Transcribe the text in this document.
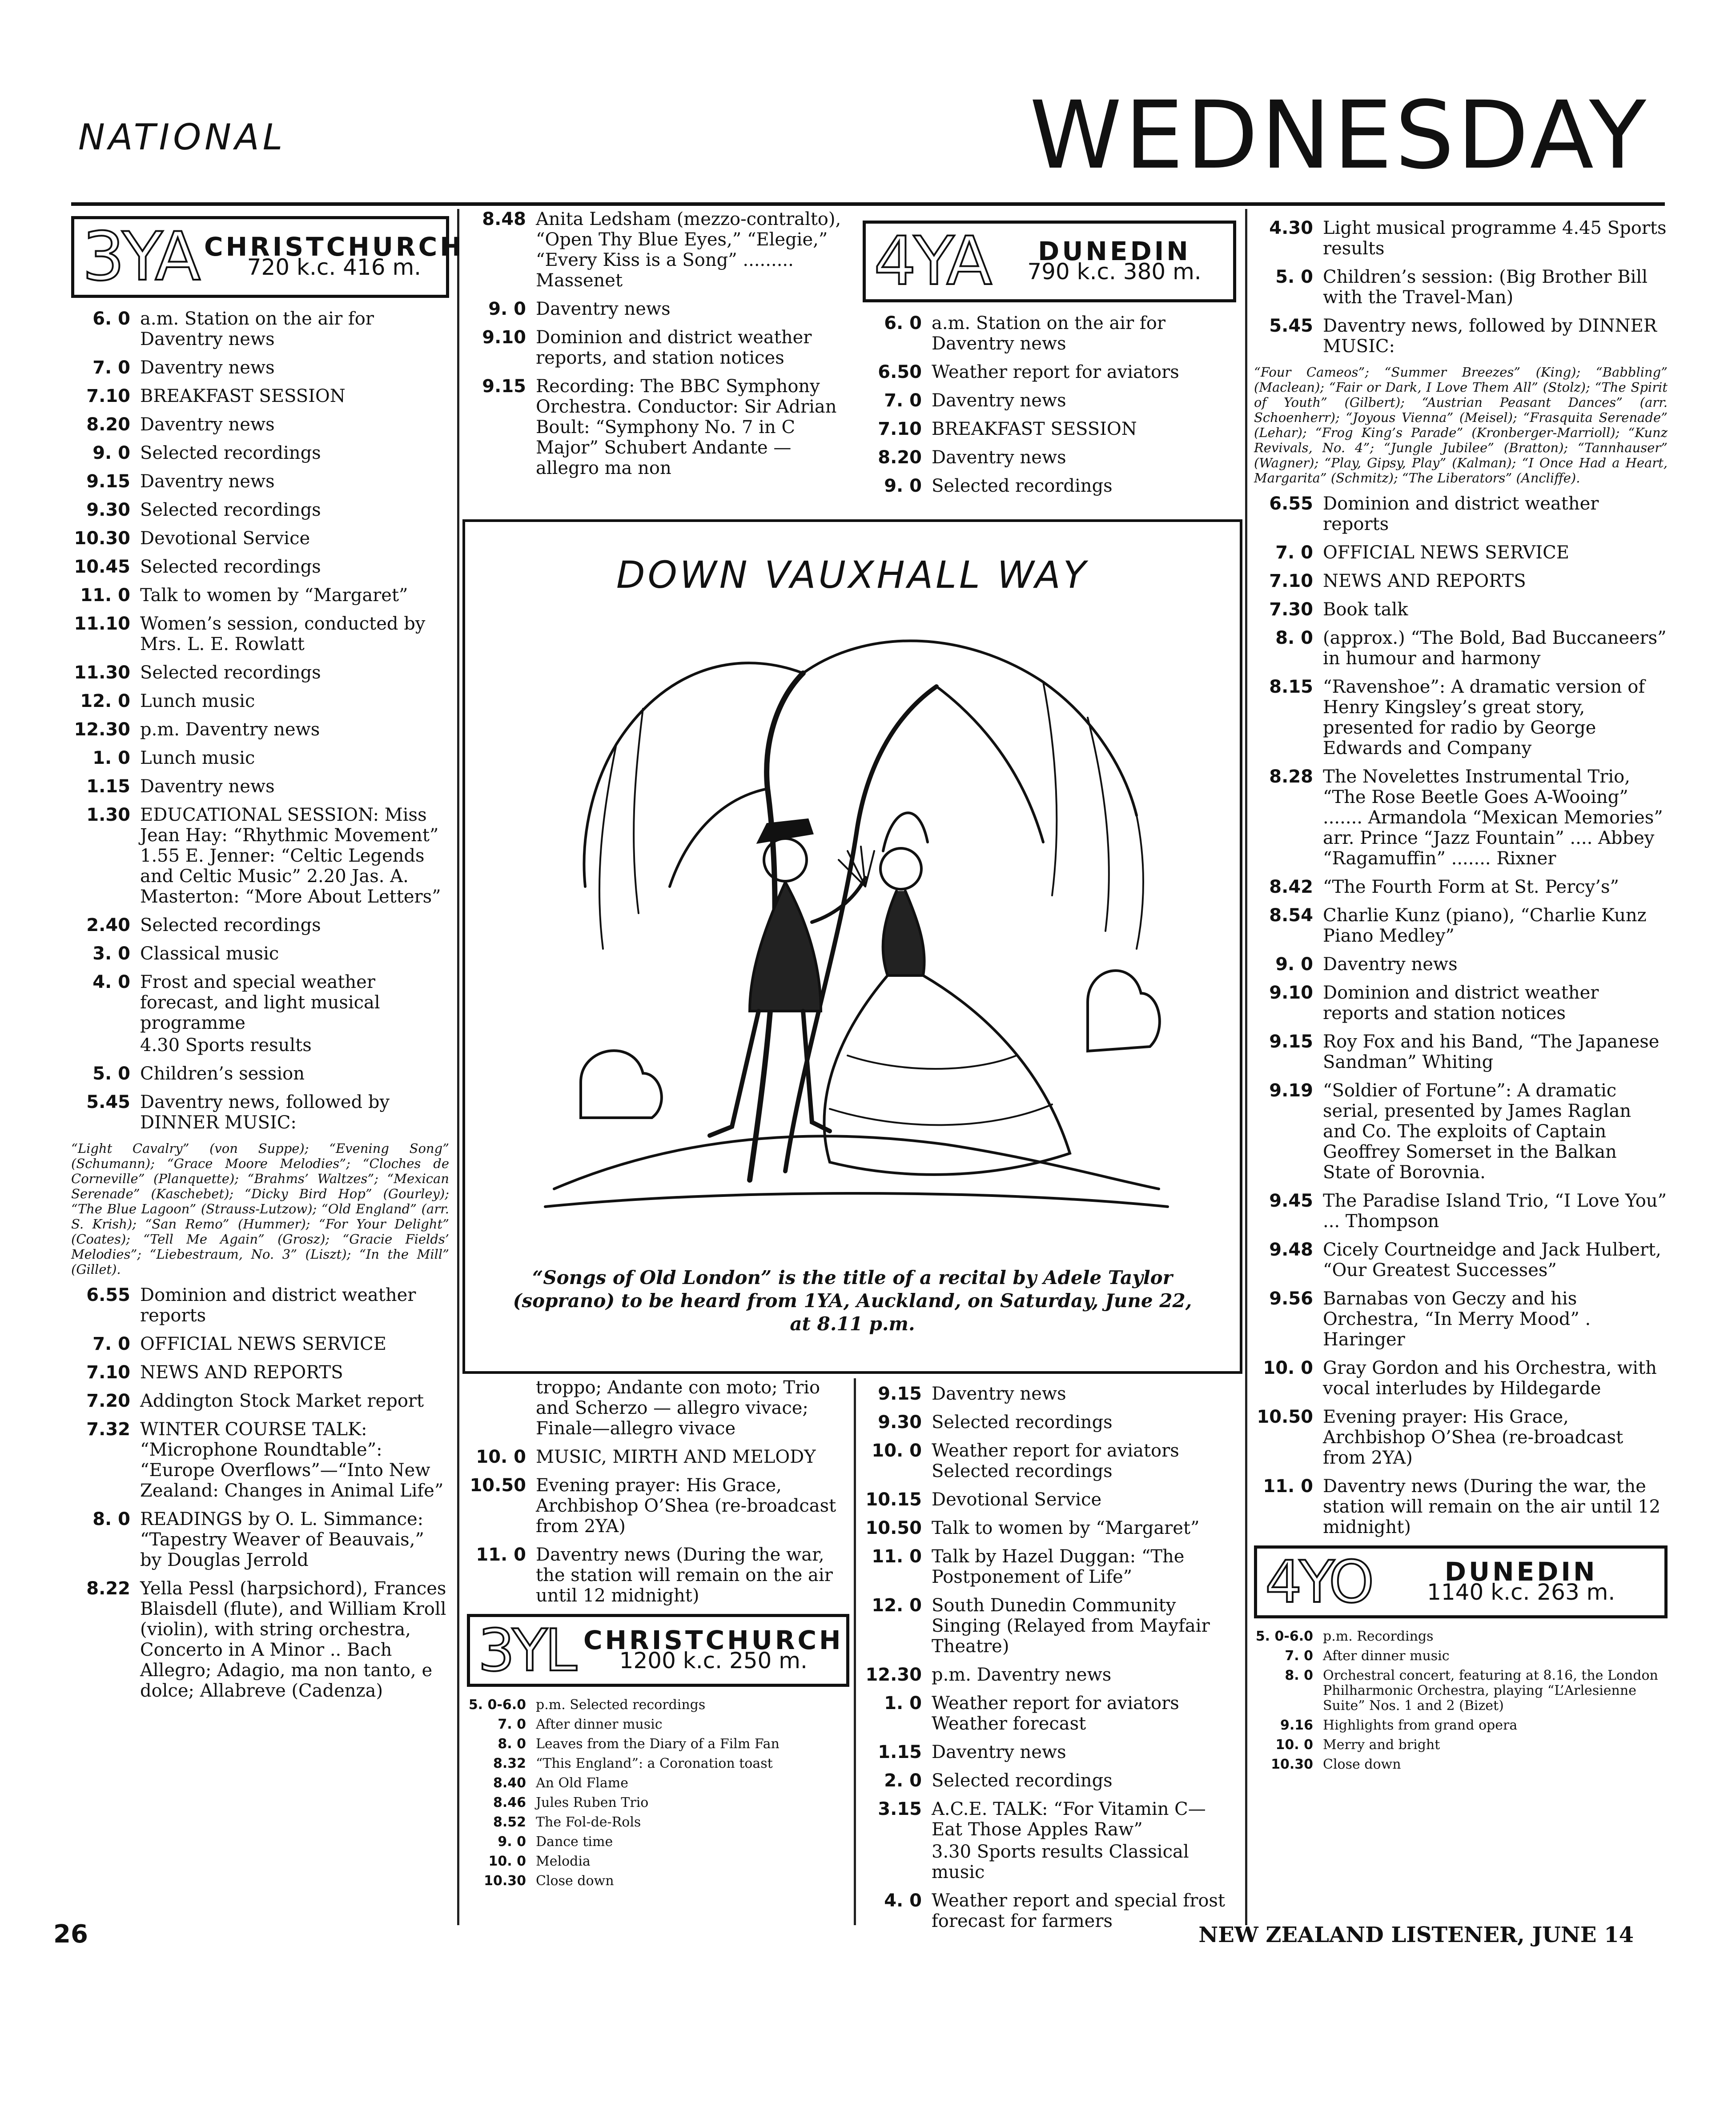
NATIONAL	WEDNESDAY
3YA CHRISTCHURCH
720 k.c. 416 m.
6. 0 a.m. Station on the air for Daventry news
7. 0 Daventry news
7.10 BREAKFAST SESSION
8.20 Daventry news
9. 0 Selected recordings
9.15 Daventry news
9.30 Selected recordings
10.30 Devotional Service
10.45 Selected recordings
11. 0 Talk to women by “Margaret”
11.10 Women’s session, conducted by Mrs. L. E. Rowlatt
11.30 Selected recordings
12. 0 Lunch music
12.30 p.m. Daventry news
1. 0 Lunch music
1.15 Daventry news
1.30 EDUCATIONAL SESSION: Miss Jean Hay: “Rhythmic Movement” 1.55 E. Jenner: “Celtic Legends and Celtic Music” 2.20 Jas. A. Masterton: “More About Letters”
2.40 Selected recordings
3. 0 Classical music
4. 0 Frost and special weather forecast, and light musical programme
4.30 Sports results
5. 0 Children’s session
5.45 Daventry news, followed by DINNER MUSIC:
“Light Cavalry” (von Suppe); “Evening Song” (Schumann); “Grace Moore Melodies”; “Cloches de Corneville” (Planquette); “Brahms’ Waltzes”; “Mexican Serenade” (Kaschebet); “Dicky Bird Hop” (Gourley); “The Blue Lagoon” (Strauss-Lutzow); “Old England” (arr. S. Krish); “San Remo” (Hummer); “For Your Delight” (Coates); “Tell Me Again” (Grosz); “Gracie Fields’ Melodies”; “Liebestraum, No. 3” (Liszt); “In the Mill” (Gillet).
6.55 Dominion and district weather reports
7. 0 OFFICIAL NEWS SERVICE
7.10 NEWS AND REPORTS
7.20 Addington Stock Market report
7.32 WINTER COURSE TALK: “Microphone Roundtable”: “Europe Overflows”—“Into New Zealand: Changes in Animal Life”
8. 0 READINGS by O. L. Simmance: “Tapestry Weaver of Beauvais,” by Douglas Jerrold
8.22 Yella Pessl (harpsichord), Frances Blaisdell (flute), and William Kroll (violin), with string orchestra, Concerto in A Minor .. Bach Allegro; Adagio, ma non tanto, e dolce; Allabreve (Cadenza)
8.48 Anita Ledsham (mezzo-contralto), “Open Thy Blue Eyes,” “Elegie,” “Every Kiss is a Song” ......... Massenet
9. 0 Daventry news
9.10 Dominion and district weather reports, and station notices
9.15 Recording: The BBC Symphony Orchestra. Conductor: Sir Adrian Boult: “Symphony No. 7 in C Major” Schubert Andante — allegro ma non
4YA	DUNEDIN
790 k.c. 380 m.
6. 0 a.m. Station on the air for Daventry news
6.50 Weather report for aviators
7. 0 Daventry news
7.10 BREAKFAST SESSION
8.20 Daventry news
9. 0 Selected recordings
DOWN VAUXHALL WAY
“Songs of Old London” is the title of a recital by Adele Taylor (soprano) to be heard from 1YA, Auckland, on Saturday, June 22, at 8.11 p.m.
troppo; Andante con moto; Trio and Scherzo — allegro vivace; Finale—allegro vivace
10. 0 MUSIC, MIRTH AND MELODY
10.50 Evening prayer: His Grace, Archbishop O’Shea (re-broadcast from 2YA)
11. 0 Daventry news (During the war, the station will remain on the air until 12 midnight)
3YL CHRISTCHURCH
1200 k.c. 250 m.
5. 0-6.0 p.m. Selected recordings
7. 0 After dinner music
8. 0 Leaves from the Diary of a Film Fan
8.32 “This England”: a Coronation toast
8.40 An Old Flame
8.46 Jules Ruben Trio
8.52 The Fol-de-Rols
9. 0 Dance time
10. 0 Melodia
10.30 Close down
9.15 Daventry news
9.30 Selected recordings
10. 0 Weather report for aviators Selected recordings
10.15 Devotional Service
10.50 Talk to women by “Margaret”
11. 0 Talk by Hazel Duggan: “The Postponement of Life”
12. 0 South Dunedin Community Singing (Relayed from Mayfair Theatre)
12.30 p.m. Daventry news
1. 0 Weather report for aviators Weather forecast
1.15 Daventry news
2. 0 Selected recordings
3.15 A.C.E. TALK: “For Vitamin C—Eat Those Apples Raw”
3.30 Sports results Classical music
4. 0 Weather report and special frost forecast for farmers
4.30 Light musical programme 4.45 Sports results
5. 0 Children’s session: (Big Brother Bill with the Travel-Man)
5.45 Daventry news, followed by DINNER MUSIC:
“Four Cameos”; “Summer Breezes” (King); “Babbling” (Maclean); “Fair or Dark, I Love Them All” (Stolz); “The Spirit of Youth” (Gilbert); “Austrian Peasant Dances” (arr. Schoenherr); “Joyous Vienna” (Meisel); “Frasquita Serenade” (Lehar); “Frog King’s Parade” (Kronberger-Marrioll); “Kunz Revivals, No. 4”; “Jungle Jubilee” (Bratton); “Tannhauser” (Wagner); “Play, Gipsy, Play” (Kalman); “I Once Had a Heart, Margarita” (Schmitz); “The Liberators” (Ancliffe).
6.55 Dominion and district weather reports
7. 0 OFFICIAL NEWS SERVICE
7.10 NEWS AND REPORTS
7.30 Book talk
8. 0 (approx.) “The Bold, Bad Buccaneers” in humour and harmony
8.15 “Ravenshoe”: A dramatic version of Henry Kingsley’s great story, presented for radio by George Edwards and Company
8.28 The Novelettes Instrumental Trio, “The Rose Beetle Goes A-Wooing” ....... Armandola “Mexican Memories” arr. Prince “Jazz Fountain” .... Abbey “Ragamuffin” ....... Rixner
8.42 “The Fourth Form at St. Percy’s”
8.54 Charlie Kunz (piano), “Charlie Kunz Piano Medley”
9. 0 Daventry news
9.10 Dominion and district weather reports and station notices
9.15 Roy Fox and his Band, “The Japanese Sandman” Whiting
9.19 “Soldier of Fortune”: A dramatic serial, presented by James Raglan and Co. The exploits of Captain Geoffrey Somerset in the Balkan State of Borovnia.
9.45 The Paradise Island Trio, “I Love You” ... Thompson
9.48 Cicely Courtneidge and Jack Hulbert, “Our Greatest Successes”
9.56 Barnabas von Geczy and his Orchestra, “In Merry Mood” . Haringer
10. 0 Gray Gordon and his Orchestra, with vocal interludes by Hildegarde
10.50 Evening prayer: His Grace, Archbishop O’Shea (re-broadcast from 2YA)
11. 0 Daventry news (During the war, the station will remain on the air until 12 midnight)
4YO	DUNEDIN
1140 k.c. 263 m.
5. 0-6.0 p.m. Recordings
7. 0 After dinner music
8. 0 Orchestral concert, featuring at 8.16, the London Philharmonic Orchestra, playing “L’Arlesienne Suite” Nos. 1 and 2 (Bizet)
9.16 Highlights from grand opera
10. 0 Merry and bright
10.30 Close down
26	NEW ZEALAND LISTENER, JUNE 14
